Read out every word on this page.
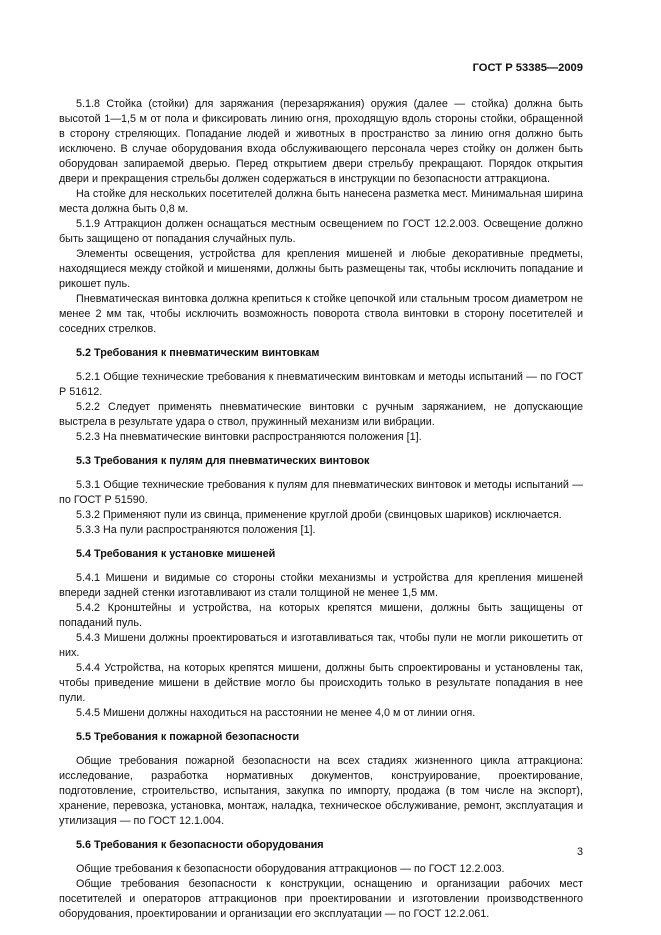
ГОСТ Р 53385—2009

5.1.8 Стойка (стойки) для заряжания (перезаряжания) оружия (далее — стойка) должна быть высотой 1—1,5 м от пола и фиксировать линию огня, проходящую вдоль стороны стойки, обращенной в сторону стреляющих. Попадание людей и животных в пространство за линию огня должно быть исключено. В случае оборудования входа обслуживающего персонала через стойку он должен быть оборудован запираемой дверью. Перед открытием двери стрельбу прекращают. Порядок открытия двери и прекращения стрельбы должен содержаться в инструкции по безопасности аттракциона.

На стойке для нескольких посетителей должна быть нанесена разметка мест. Минимальная ширина места должна быть 0,8 м.

5.1.9 Аттракцион должен оснащаться местным освещением по ГОСТ 12.2.003. Освещение должно быть защищено от попадания случайных пуль.

Элементы освещения, устройства для крепления мишеней и любые декоративные предметы, находящиеся между стойкой и мишенями, должны быть размещены так, чтобы исключить попадание и рикошет пуль.

Пневматическая винтовка должна крепиться к стойке цепочкой или стальным тросом диаметром не менее 2 мм так, чтобы исключить возможность поворота ствола винтовки в сторону посетителей и соседних стрелков.

5.2 Требования к пневматическим винтовкам

5.2.1 Общие технические требования к пневматическим винтовкам и методы испытаний — по ГОСТ Р 51612.

5.2.2 Следует применять пневматические винтовки с ручным заряжанием, не допускающие выстрела в результате удара о ствол, пружинный механизм или вибрации.

5.2.3 На пневматические винтовки распространяются положения [1].

5.3 Требования к пулям для пневматических винтовок

5.3.1 Общие технические требования к пулям для пневматических винтовок и методы испытаний — по ГОСТ Р 51590.

5.3.2 Применяют пули из свинца, применение круглой дроби (свинцовых шариков) исключается.

5.3.3 На пули распространяются положения [1].

5.4 Требования к установке мишеней

5.4.1 Мишени и видимые со стороны стойки механизмы и устройства для крепления мишеней впереди задней стенки изготавливают из стали толщиной не менее 1,5 мм.

5.4.2 Кронштейны и устройства, на которых крепятся мишени, должны быть защищены от попаданий пуль.

5.4.3 Мишени должны проектироваться и изготавливаться так, чтобы пули не могли рикошетить от них.

5.4.4 Устройства, на которых крепятся мишени, должны быть спроектированы и установлены так, чтобы приведение мишени в действие могло бы происходить только в результате попадания в нее пули.

5.4.5 Мишени должны находиться на расстоянии не менее 4,0 м от линии огня.

5.5 Требования к пожарной безопасности

Общие требования пожарной безопасности на всех стадиях жизненного цикла аттракциона: исследование, разработка нормативных документов, конструирование, проектирование, подготовление, строительство, испытания, закупка по импорту, продажа (в том числе на экспорт), хранение, перевозка, установка, монтаж, наладка, техническое обслуживание, ремонт, эксплуатация и утилизация — по ГОСТ 12.1.004.

5.6 Требования к безопасности оборудования

Общие требования к безопасности оборудования аттракционов — по ГОСТ 12.2.003.

Общие требования безопасности к конструкции, оснащению и организации рабочих мест посетителей и операторов аттракционов при проектировании и изготовлении производственного оборудования, проектировании и организации его эксплуатации — по ГОСТ 12.2.061.

3
